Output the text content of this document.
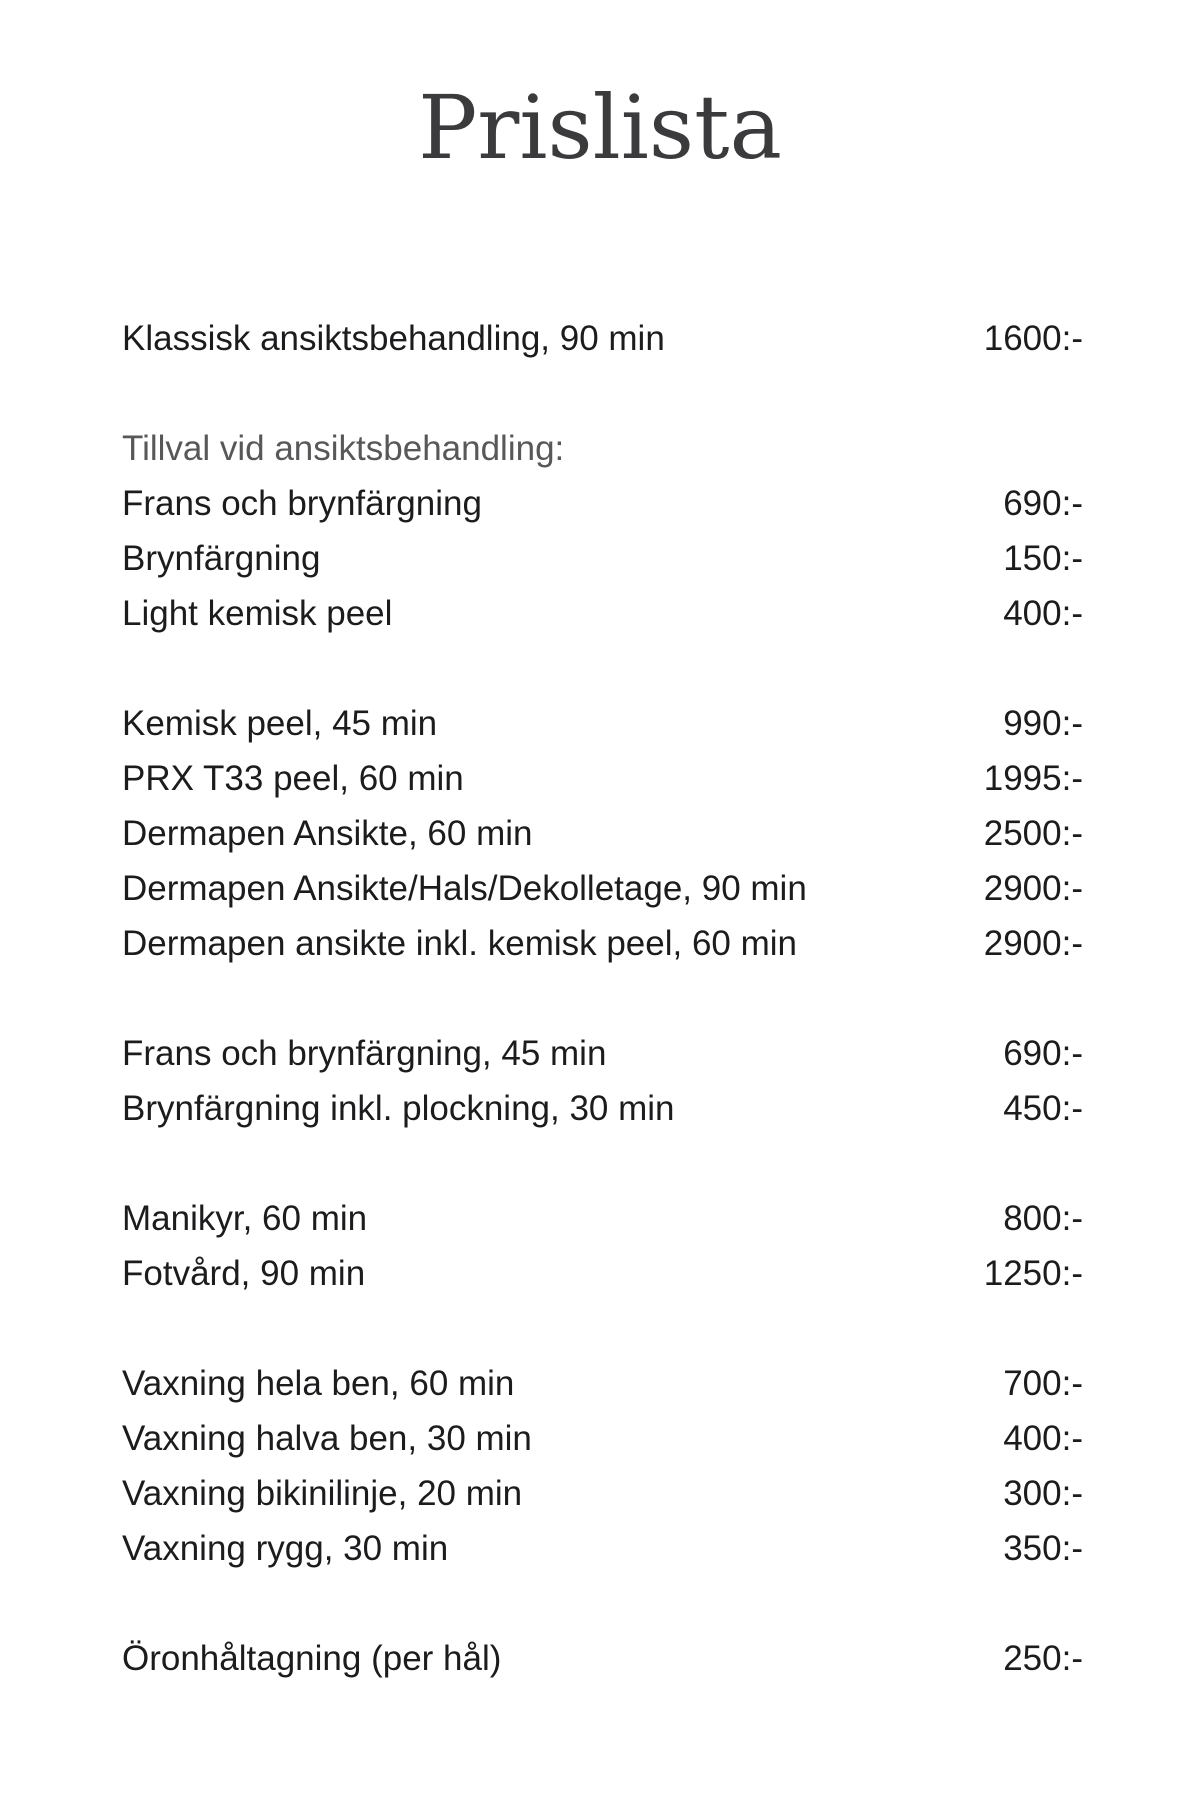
Prislista
Klassisk ansiktsbehandling, 90 min	1600:-
Tillval vid ansiktsbehandling:
Frans och brynfärgning	690:-
Brynfärgning	150:-
Light kemisk peel	400:-
Kemisk peel, 45 min	990:-
PRX T33 peel, 60 min	1995:-
Dermapen Ansikte, 60 min	2500:-
Dermapen Ansikte/Hals/Dekolletage, 90 min	2900:-
Dermapen ansikte inkl. kemisk peel, 60 min	2900:-
Frans och brynfärgning, 45 min	690:-
Brynfärgning inkl. plockning, 30 min	450:-
Manikyr, 60 min	800:-
Fotvård, 90 min	1250:-
Vaxning hela ben, 60 min	700:-
Vaxning halva ben, 30 min	400:-
Vaxning bikinilinje, 20 min	300:-
Vaxning rygg, 30 min	350:-
Öronhåltagning (per hål)	250:-
